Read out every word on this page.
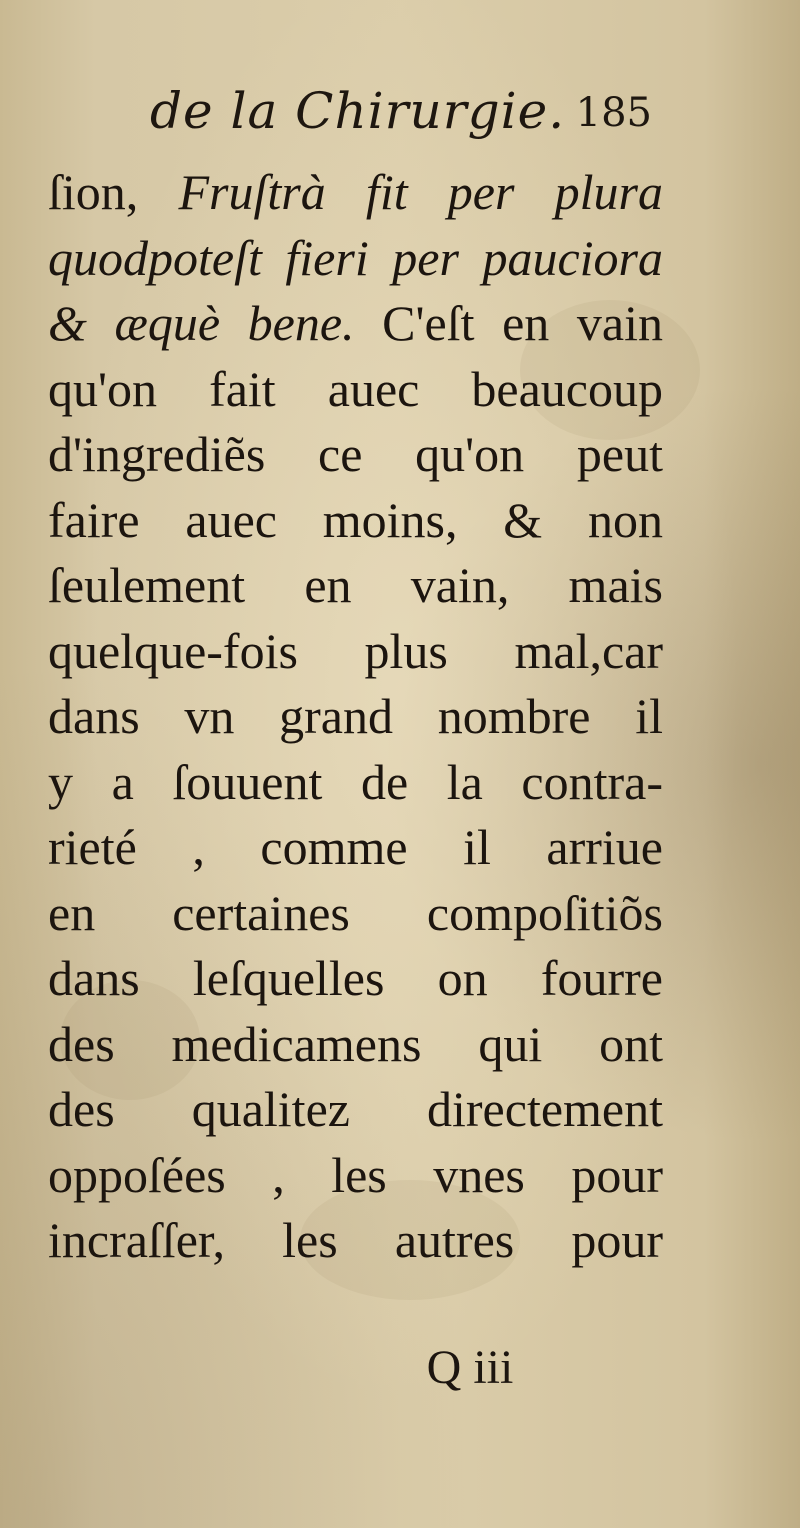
de la Chirurgie. 185
ſion, Fruſtrà fit per plura
quodpoteſt fieri per pauciora
& æquè bene. C'eſt en vain
qu'on fait auec beaucoup
d'ingrediẽs ce qu'on peut
faire auec moins, & non
ſeulement en vain, mais
quelque-fois plus mal,car
dans vn grand nombre il
y a ſouuent de la contra-
rieté , comme il arriue
en certaines compoſitiõs
dans leſquelles on fourre
des medicamens qui ont
des qualitez directement
oppoſées , les vnes pour
incraſſer, les autres pour
Q iii
